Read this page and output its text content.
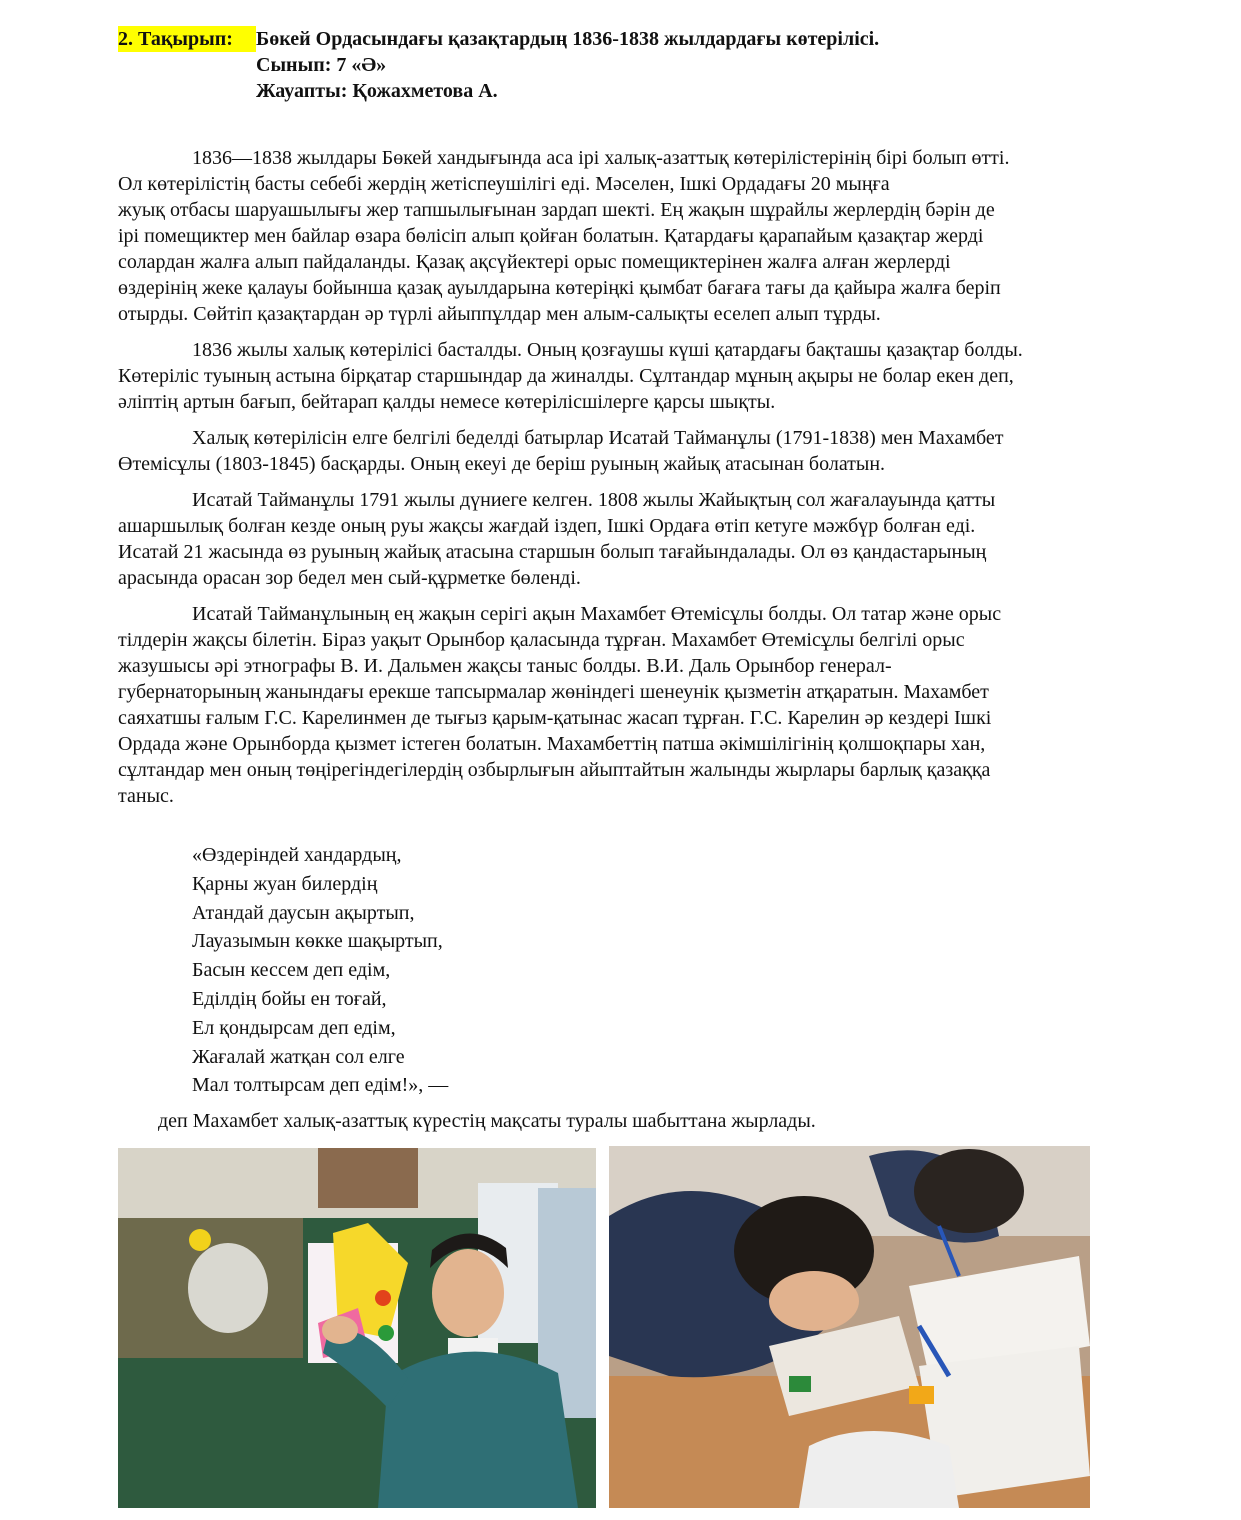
2. Тақырып:	Бөкей Ордасындағы қазақтардың 1836-1838 жылдардағы көтерілісі.
Сынып: 7 «Ә»
Жауапты: Қожахметова А.

1836—1838 жылдары Бөкей хандығында аса ірі халық-азаттық көтерілістерінің бірі болып өтті.
Ол көтерілістің басты себебі жердің жетіспеушілігі еді. Мәселен, Ішкі Ордадағы 20 мыңға
жуық отбасы шаруашылығы жер тапшылығынан зардап шекті. Ең жақын шұрайлы жерлердің бәрін де
ірі помещиктер мен байлар өзара бөлісіп алып қойған болатын. Қатардағы қарапайым қазақтар жерді
солардан жалға алып пайдаланды. Қазақ ақсүйектері орыс помещиктерінен жалға алған жерлерді
өздерінің жеке қалауы бойынша қазақ ауылдарына көтеріңкі қымбат бағаға тағы да қайыра жалға беріп
отырды. Сөйтіп қазақтардан әр түрлі айыппұлдар мен алым-салықты еселеп алып тұрды.

1836 жылы халық көтерілісі басталды. Оның қозғаушы күші қатардағы бақташы қазақтар болды.
Көтеріліс туының астына бірқатар старшындар да жиналды. Сұлтандар мұның ақыры не болар екен деп,
әліптің артын бағып, бейтарап қалды немесе көтерілісшілерге қарсы шықты.

Халық көтерілісін елге белгілі беделді батырлар Исатай Тайманұлы (1791-1838) мен Махамбет
Өтемісұлы (1803-1845) басқарды. Оның екеуі де беріш руының жайық атасынан болатын.

Исатай Тайманұлы 1791 жылы дүниеге келген. 1808 жылы Жайықтың сол жағалауында қатты
ашаршылық болған кезде оның руы жақсы жағдай іздеп, Ішкі Ордаға өтіп кетуге мәжбүр болған еді.
Исатай 21 жасында өз руының жайық атасына старшын болып тағайындалады. Ол өз қандастарының
арасында орасан зор бедел мен сый-құрметке бөленді.

Исатай Тайманұлының ең жақын серігі ақын Махамбет Өтемісұлы болды. Ол татар және орыс
тілдерін жақсы білетін. Біраз уақыт Орынбор қаласында тұрған. Махамбет Өтемісұлы белгілі орыс
жазушысы әрі этнографы В. И. Дальмен жақсы таныс болды. В.И. Даль Орынбор генерал-
губернаторының жанындағы ерекше тапсырмалар жөніндегі шенеунік қызметін атқаратын. Махамбет
саяхатшы ғалым Г.С. Карелинмен де тығыз қарым-қатынас жасап тұрған. Г.С. Карелин әр кездері Ішкі
Ордада және Орынборда қызмет істеген болатын. Махамбеттің патша әкімшілігінің қолшоқпары хан,
сұлтандар мен оның төңірегіндегілердің озбырлығын айыптайтын жалынды жырлары барлық қазаққа
таныс.

«Өздеріндей хандардың,
Қарны жуан билердің
Атандай даусын ақыртып,
Лауазымын көкке шақыртып,
Басын кессем деп едім,
Еділдің бойы ен тоғай,
Ел қондырсам деп едім,
Жағалай жатқан сол елге
Мал толтырсам деп едім!», —
деп Махамбет халық-азаттық күрестің мақсаты туралы шабыттана жырлады.
